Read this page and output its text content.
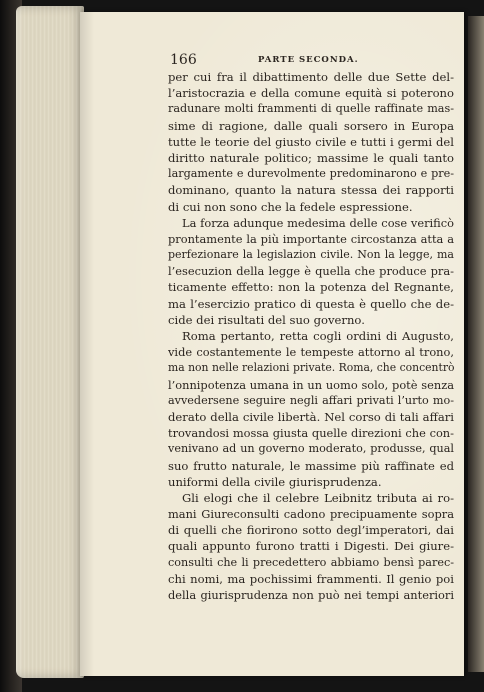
166	PARTE SECONDA.
per cui fra il dibattimento delle due Sette del-
l’aristocrazia e della comune equità si poterono
radunare molti frammenti di quelle raffinate mas-
sime di ragione, dalle quali sorsero in Europa
tutte le teorie del giusto civile e tutti i germi del
diritto naturale politico; massime le quali tanto
largamente e durevolmente predominarono e pre-
dominano, quanto la natura stessa dei rapporti
di cui non sono che la fedele espressione.
La forza adunque medesima delle cose verificò
prontamente la più importante circostanza atta a
perfezionare la legislazion civile. Non la legge, ma
l’esecuzion della legge è quella che produce pra-
ticamente effetto: non la potenza del Regnante,
ma l’esercizio pratico di questa è quello che de-
cide dei risultati del suo governo.
Roma pertanto, retta cogli ordini di Augusto,
vide costantemente le tempeste attorno al trono,
ma non nelle relazioni private. Roma, che concentrò
l’onnipotenza umana in un uomo solo, potè senza
avvedersene seguire negli affari privati l’urto mo-
derato della civile libertà. Nel corso di tali affari
trovandosi mossa giusta quelle direzioni che con-
venivano ad un governo moderato, produsse, qual
suo frutto naturale, le massime più raffinate ed
uniformi della civile giurisprudenza.
Gli elogi che il celebre Leibnitz tributa ai ro-
mani Giureconsulti cadono precipuamente sopra
di quelli che fiorirono sotto degl’imperatori, dai
quali appunto furono tratti i Digesti. Dei giure-
consulti che li precedettero abbiamo bensì parec-
chi nomi, ma pochissimi frammenti. Il genio poi
della giurisprudenza non può nei tempi anteriori
